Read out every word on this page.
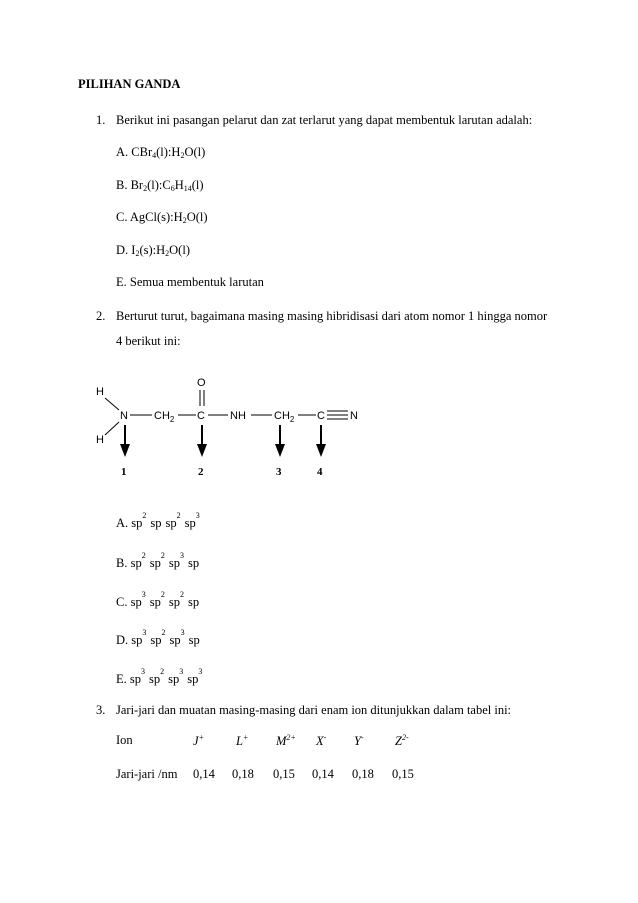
PILIHAN GANDA
1. Berikut ini pasangan pelarut dan zat terlarut yang dapat membentuk larutan adalah:
A. $CBr_4(l):H_2O(l)$
B. $Br_2(l):C_6H_{14}(l)$
C. $AgCl(s):H_2O(l)$
D. $I_2(s):H_2O(l)$
E. Semua membentuk larutan
2. Berturut turut, bagaimana masing masing hibridisasi dari atom nomor 1 hingga nomor
4 berikut ini:
H
N
H
$CH_2$ C
O
NH	$CH_2$ C N
1	2	3	4
A. $sp^2sp$ $sp^2sp^3$
B. $sp^2sp^2sp^3sp$
C. $sp^3sp^2sp^2sp$
D. $sp^3sp^2sp^3sp$
E. $sp^3sp^2sp^3sp^3$
3. Jari-jari dan muatan masing-masing dari enam ion ditunjukkan dalam tabel ini:
Ion	J+	L+ $M^{2+}$ X- Y-	$Z^{2-}$
Jari-jari /nm 0,14 0,18 0,15 0,14 0,18 0,15
